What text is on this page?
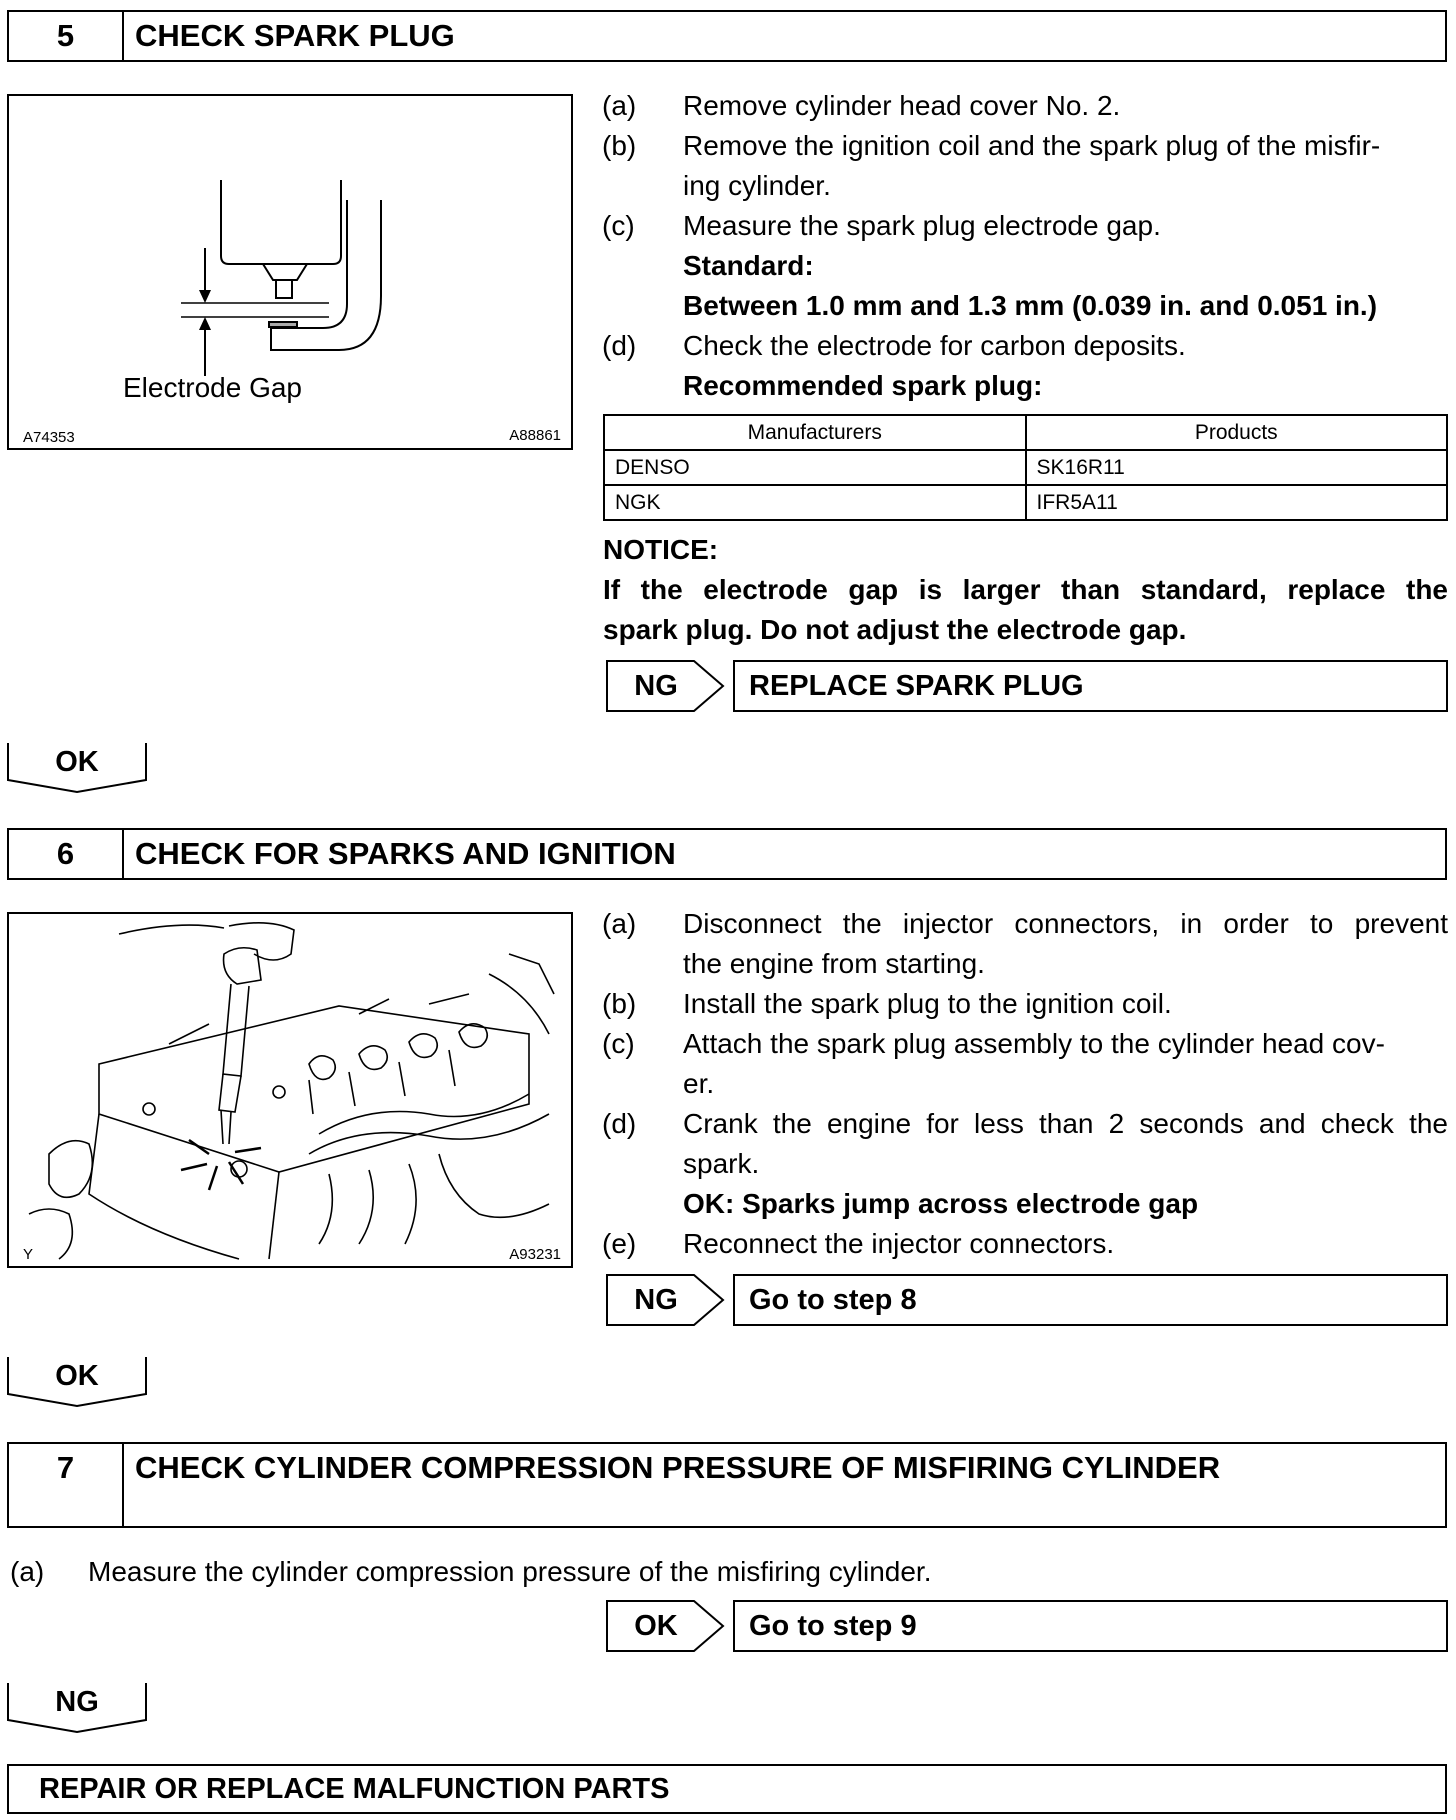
5	CHECK SPARK PLUG
Electrode Gap
A74353	A88861
(a) Remove cylinder head cover No. 2.
(b) Remove the ignition coil and the spark plug of the misfir-
ing cylinder.
(c) Measure the spark plug electrode gap.
Standard:
Between 1.0 mm and 1.3 mm (0.039 in. and 0.051 in.)
(d) Check the electrode for carbon deposits.
Recommended spark plug:
Manufacturers	Products
DENSO	SK16R11
NGK	IFR5A11
NOTICE:
If the electrode gap is larger than standard, replace the
spark plug. Do not adjust the electrode gap.
NG	REPLACE SPARK PLUG
OK
6	CHECK FOR SPARKS AND IGNITION
Y	A93231
(a) Disconnect the injector connectors, in order to prevent
the engine from starting.
(b) Install the spark plug to the ignition coil.
(c) Attach the spark plug assembly to the cylinder head cov-
er.
(d) Crank the engine for less than 2 seconds and check the
spark.
OK: Sparks jump across electrode gap
(e) Reconnect the injector connectors.
NG	Go to step 8
OK
7	CHECK CYLINDER COMPRESSION PRESSURE OF MISFIRING CYLINDER
(a) Measure the cylinder compression pressure of the misfiring cylinder.
OK	Go to step 9
NG
REPAIR OR REPLACE MALFUNCTION PARTS
